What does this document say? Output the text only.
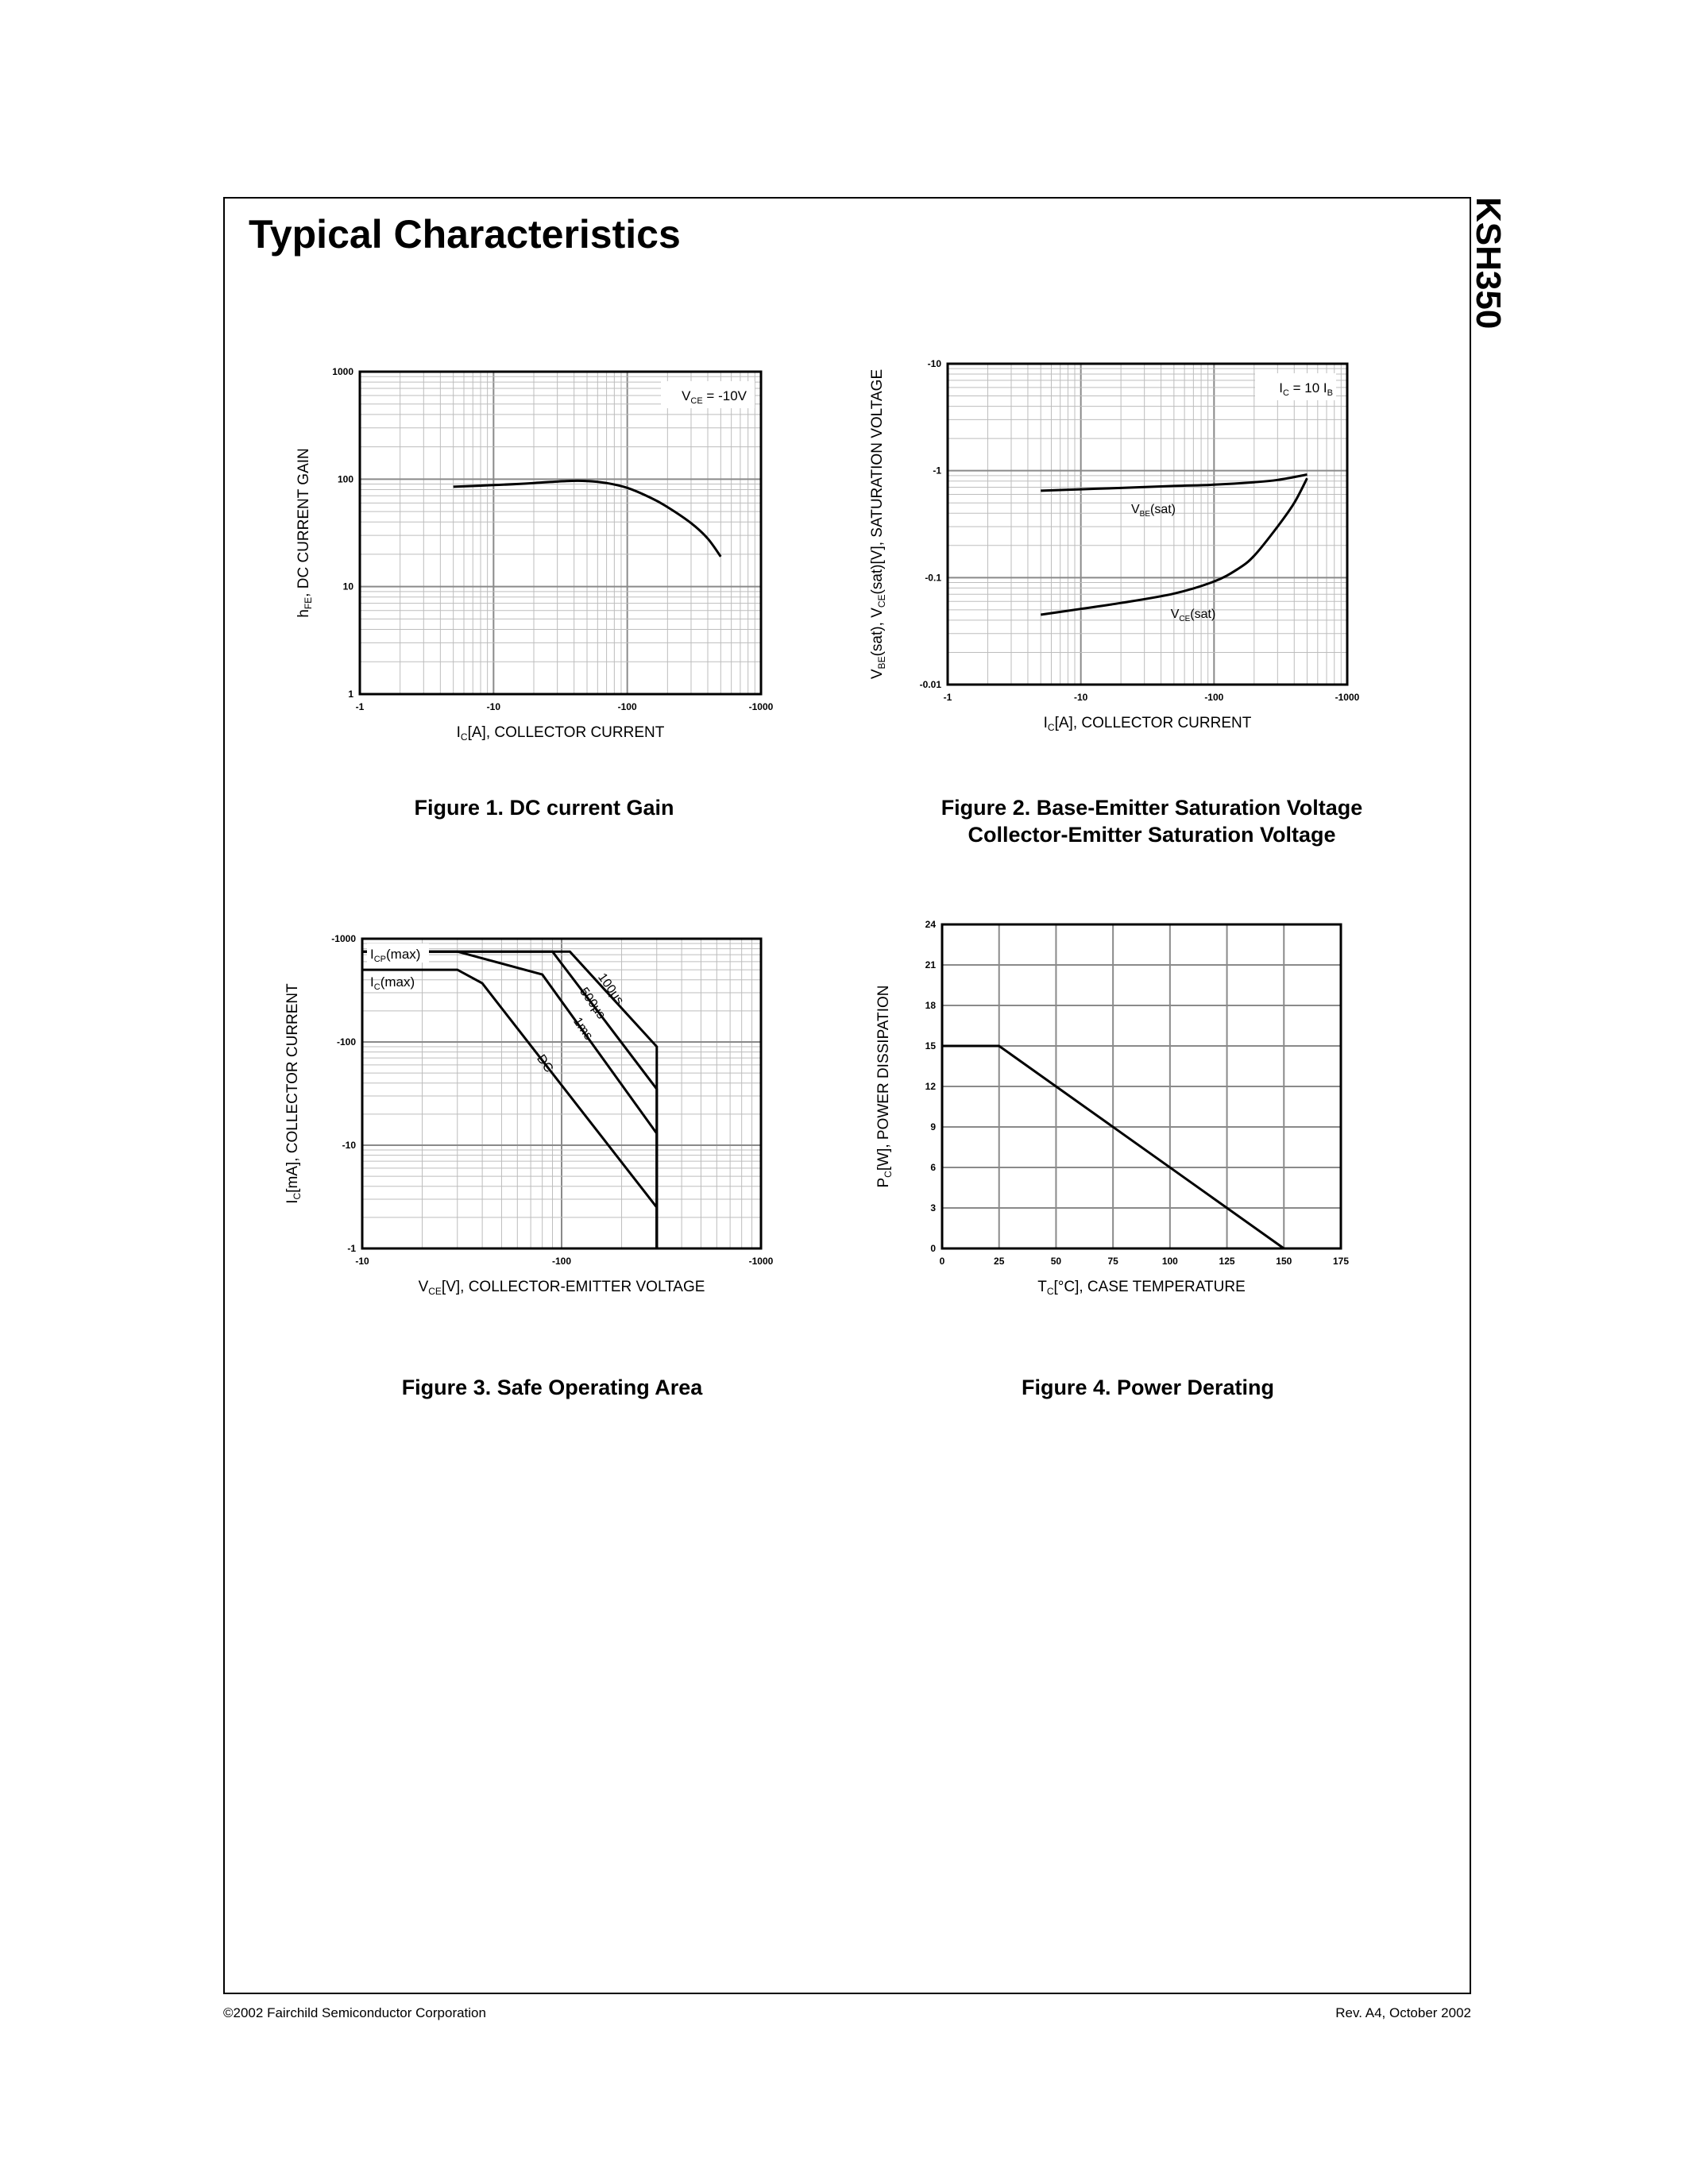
KSH350
Typical Characteristics
-1	-10	-100	-1000
1
10
100
1000
$I_C[A]$, COLLECTOR CURRENT
$h_{FE}$, DC CURRENT GAIN
$V_{CE} = -10V$
Figure 1. DC current Gain
-1	-10	-100	-1000
-0.01
-0.1
-1
-10
$I_C[A]$, COLLECTOR CURRENT
$V_{BE}(sat)$, $V_{CE}(sat)[V]$, SATURATION VOLTAGE	$V_{BE}(sat)$
$V_{CE}(sat)$
$I_C = 10$ $I_B$
Figure 2. Base-Emitter Saturation Voltage
Collector-Emitter Saturation Voltage
-10	-100	-1000
-1
-10
-100
-1000
$V_{CE}[V]$, COLLECTOR-EMITTER VOLTAGE
$I_C[mA]$, COLLECTOR CURRENT	100μs
500μs
1ms
DC
$I_{CP}(\max)$
$I_C(\max)$
Figure 3. Safe Operating Area
0	25	50	75	100	125	150	175
0
3
6
9
12
15
18
21
24
$T_C[^\circ C]$, CASE TEMPERATURE
$P_C[W]$, POWER DISSIPATION
Figure 4. Power Derating
©2002 Fairchild Semiconductor Corporation	Rev. A4, October 2002
